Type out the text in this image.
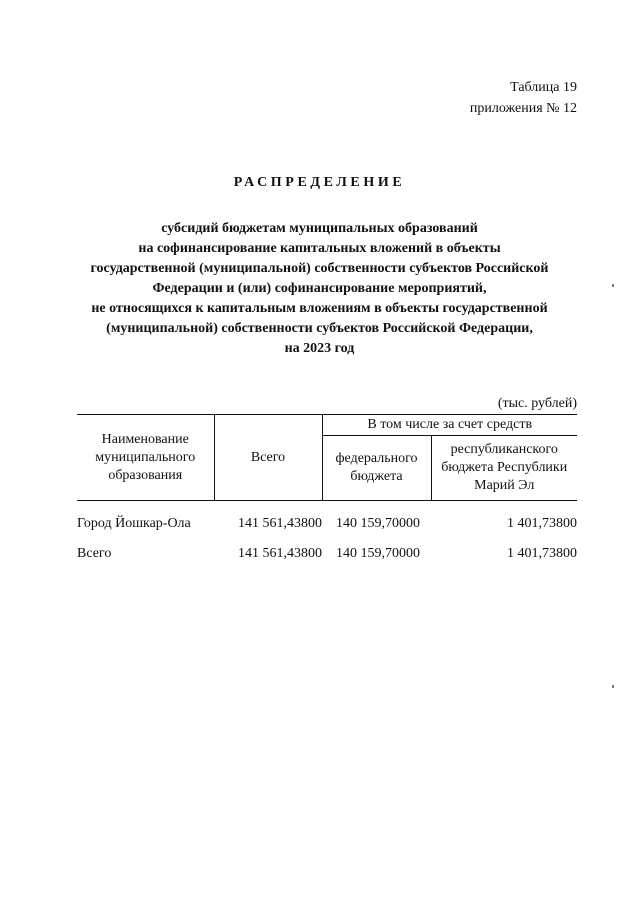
Таблица 19
приложения № 12
РАСПРЕДЕЛЕНИЕ
субсидий бюджетам муниципальных образований
на софинансирование капитальных вложений в объекты
государственной (муниципальной) собственности субъектов Российской
Федерации и (или) софинансирование мероприятий,
не относящихся к капитальным вложениям в объекты государственной
(муниципальной) собственности субъектов Российской Федерации,
на 2023 год
(тыс. рублей)
Наименование муниципального образования	Всего	В том числе за счет средств	
		федерального бюджета	республиканского бюджета Республики Марий Эл

Город Йошкар-Ола	141 561,43800	140 159,70000	1 401,73800
Всего	141 561,43800	140 159,70000	1 401,73800
